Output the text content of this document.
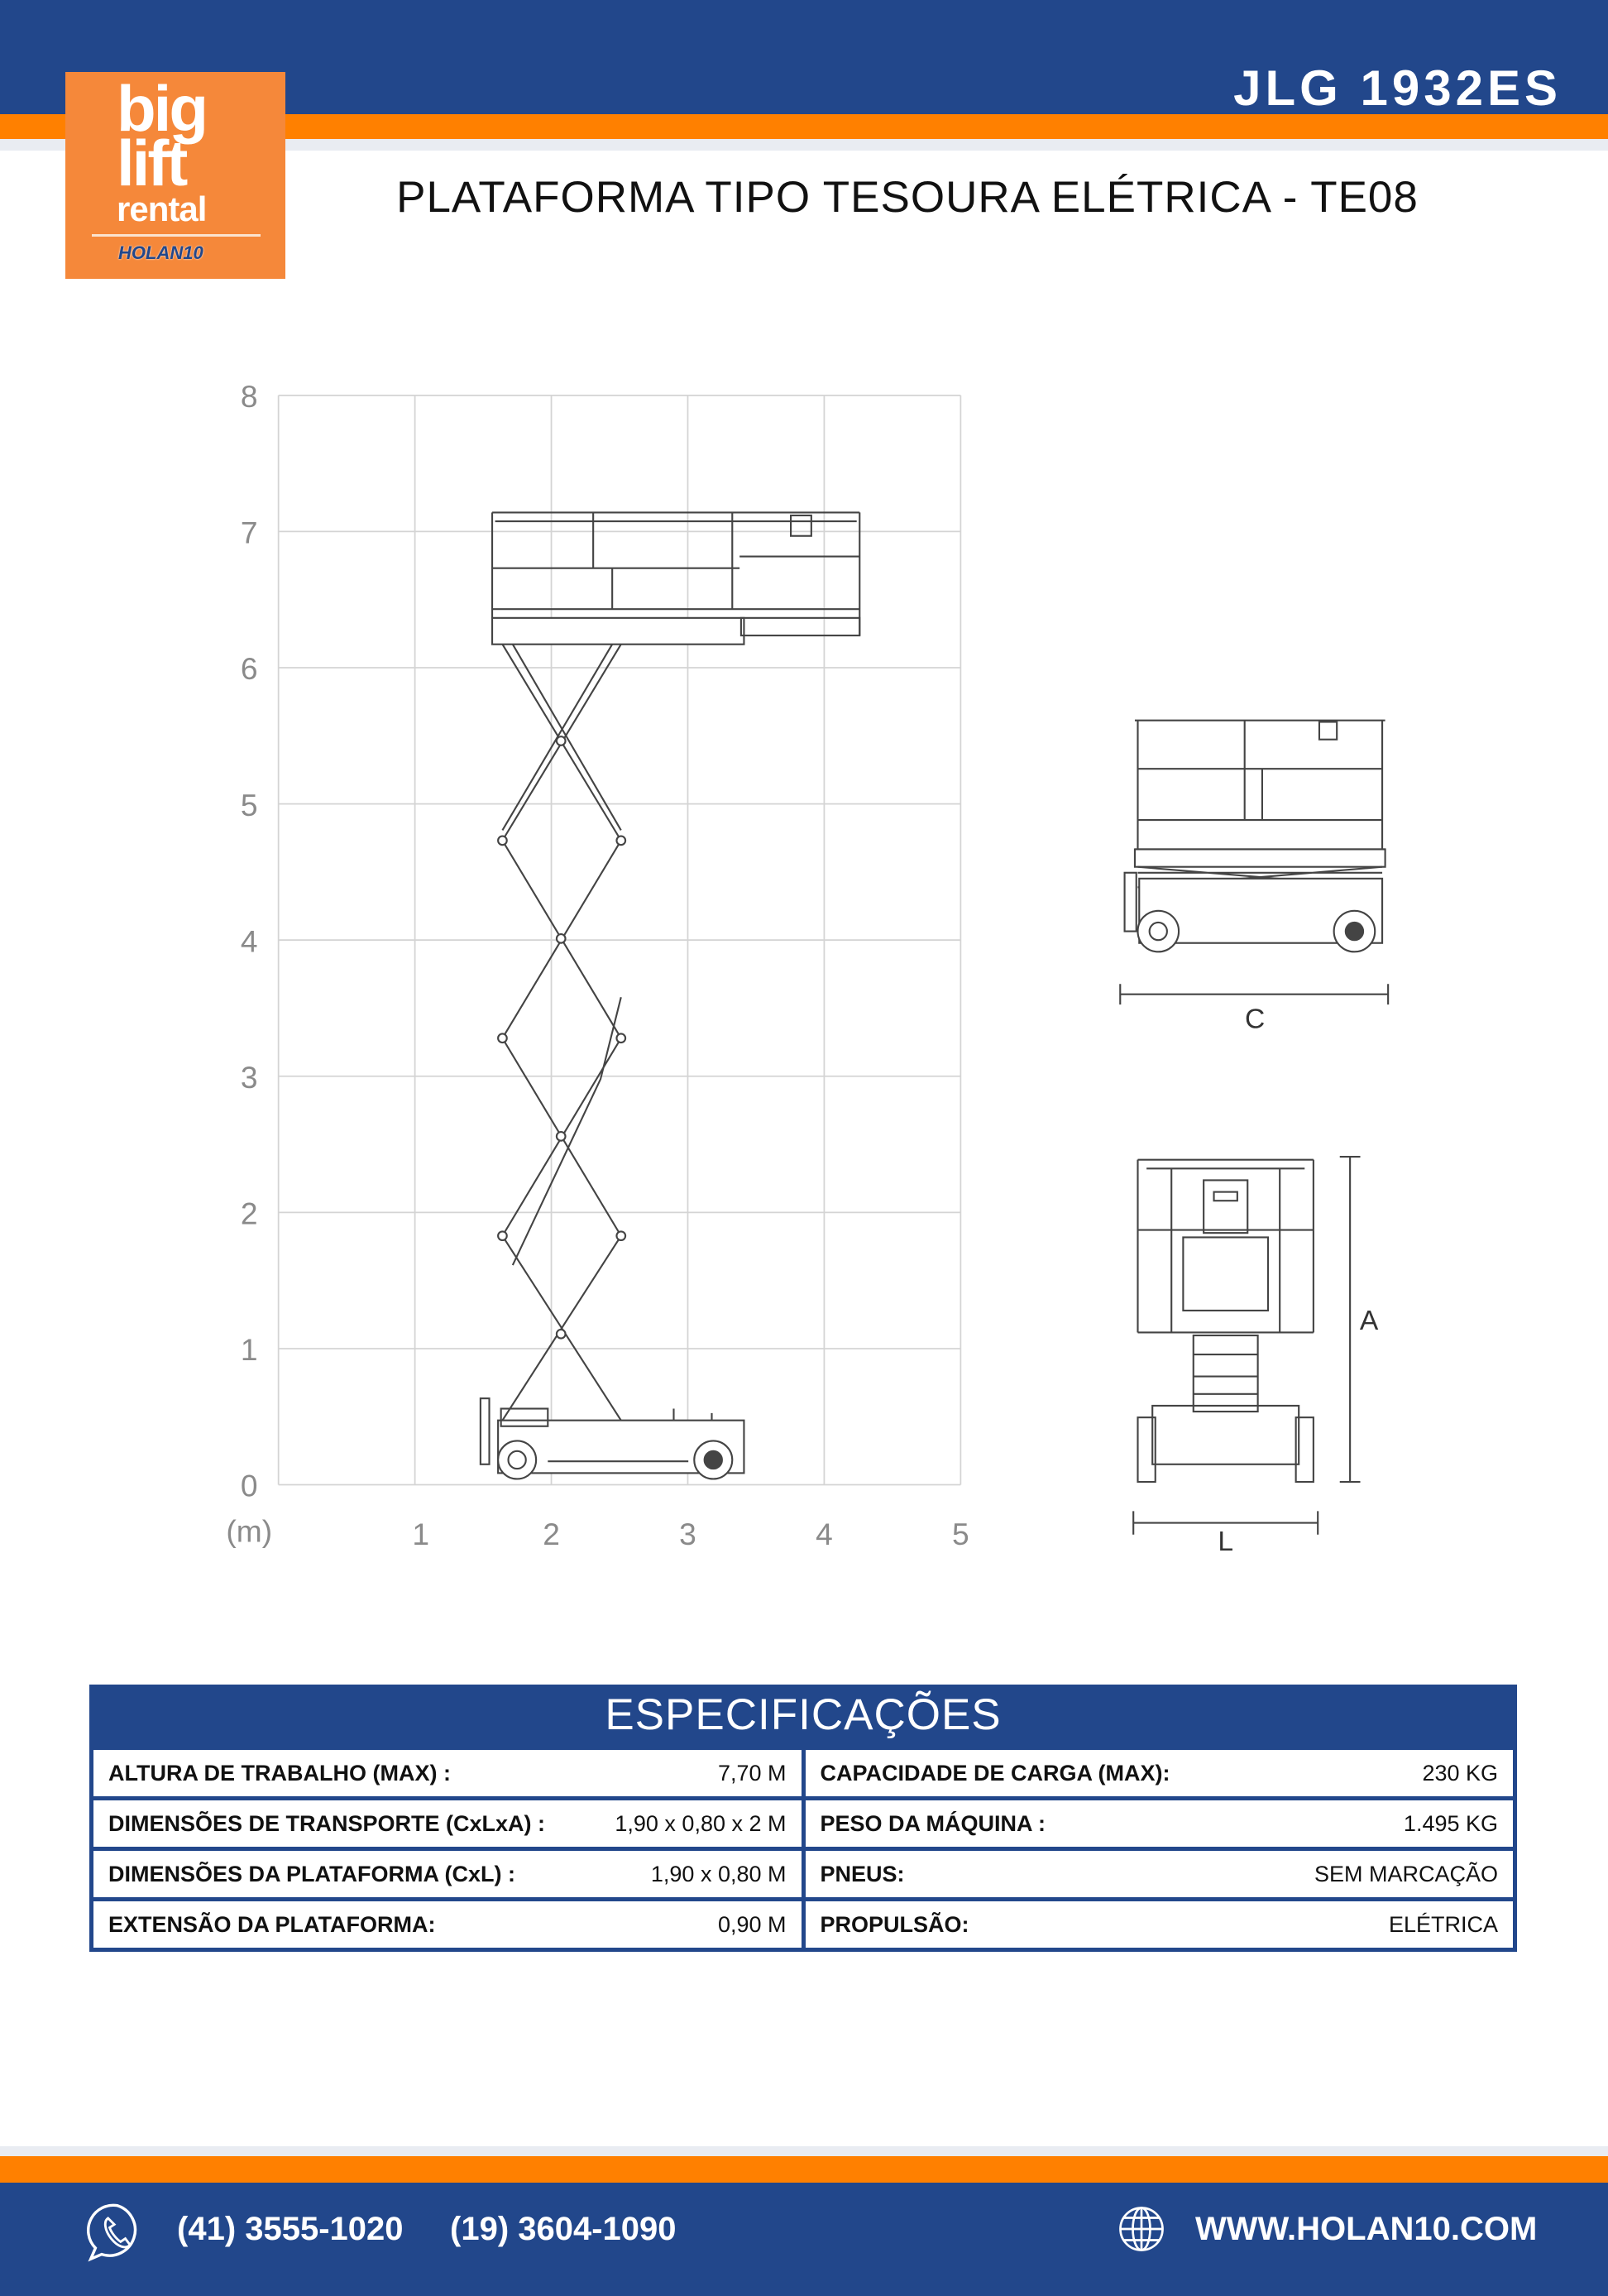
big
lift
rental
HOLAN10
JLG 1932ES
PLATAFORMA TIPO TESOURA ELÉTRICA - TE08
0
1
2
3
4
5
6
7
8
1	2	3	4	5
(m)
C
A
L
ESPECIFICAÇÕES
ALTURA DE TRABALHO (MAX) : 7,70 M	CAPACIDADE DE CARGA (MAX): 230 KG

DIMENSÕES DE TRANSPORTE (CxLxA) : 1,90 x 0,80 x 2 M	PESO DA MÁQUINA : 1.495 KG

DIMENSÕES DA PLATAFORMA (CxL) : 1,90 x 0,80 M	PNEUS: SEM MARCAÇÃO

EXTENSÃO DA PLATAFORMA: 0,90 M	PROPULSÃO: ELÉTRICA
(41) 3555-1020 (19) 3604-1090	WWW.HOLAN10.COM
